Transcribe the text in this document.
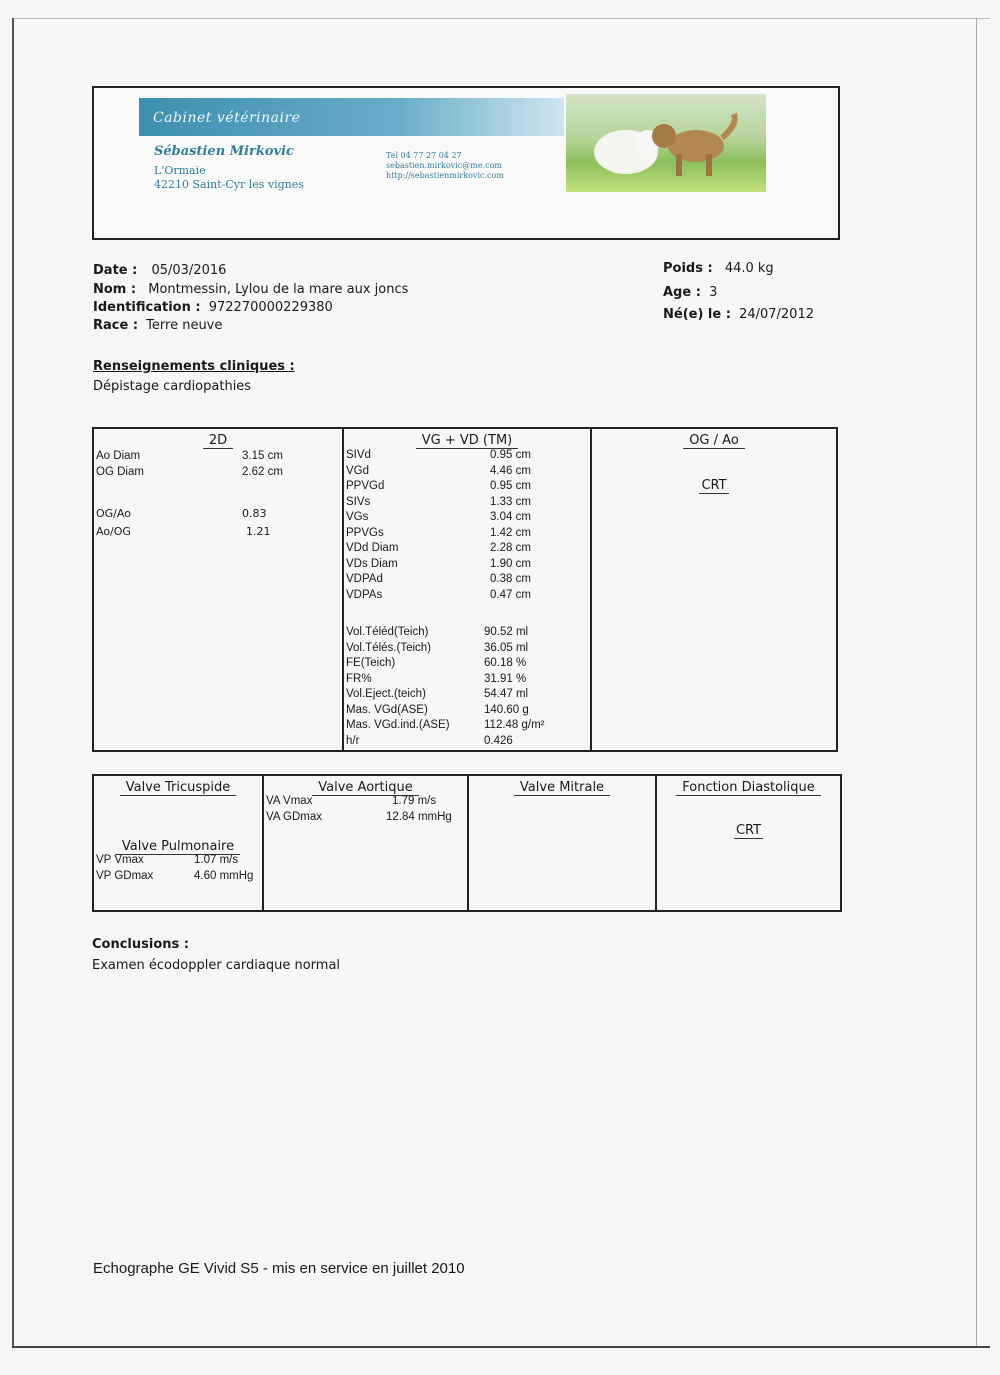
Cabinet vétérinaire
Sébastien Mirkovic
L'Ormaie
42210 Saint-Cyr les vignes
Tel 04 77 27 04 27
sebastien.mirkovic@me.com
http://sebastienmirkovic.com
Date : 05/03/2016
Nom : Montmessin, Lylou de la mare aux joncs
Identification : 972270000229380
Race : Terre neuve
Poids : 44.0 kg
Age : 3
Né(e) le : 24/07/2012
Renseignements cliniques :
Dépistage cardiopathies
2D
Ao Diam	3.15 cm
OG Diam	2.62 cm
OG/Ao	0.83
Ao/OG	1.21

VG + VD (TM)
SIVd	0.95 cm
VGd	4.46 cm
PPVGd	0.95 cm
SIVs	1.33 cm
VGs	3.04 cm
PPVGs	1.42 cm
VDd Diam	2.28 cm
VDs Diam	1.90 cm
VDPAd	0.38 cm
VDPAs	0.47 cm
Vol.Téléd(Teich)	90.52 ml
Vol.Télés.(Teich)	36.05 ml
FE(Teich)	60.18 %
FR%	31.91 %
Vol.Eject.(teich)	54.47 ml
Mas. VGd(ASE)	140.60 g
Mas. VGd.ind.(ASE)	112.48 g/m²
h/r	0.426

OG / Ao
CRT
Valve Tricuspide
Valve Pulmonaire
VP Vmax	1.07 m/s
VP GDmax	4.60 mmHg

Valve Aortique
VA Vmax	1.79 m/s
VA GDmax	12.84 mmHg

Valve Mitrale	Fonction Diastolique
CRT
Conclusions :
Examen écodoppler cardiaque normal
Echographe GE Vivid S5 - mis en service en juillet 2010
